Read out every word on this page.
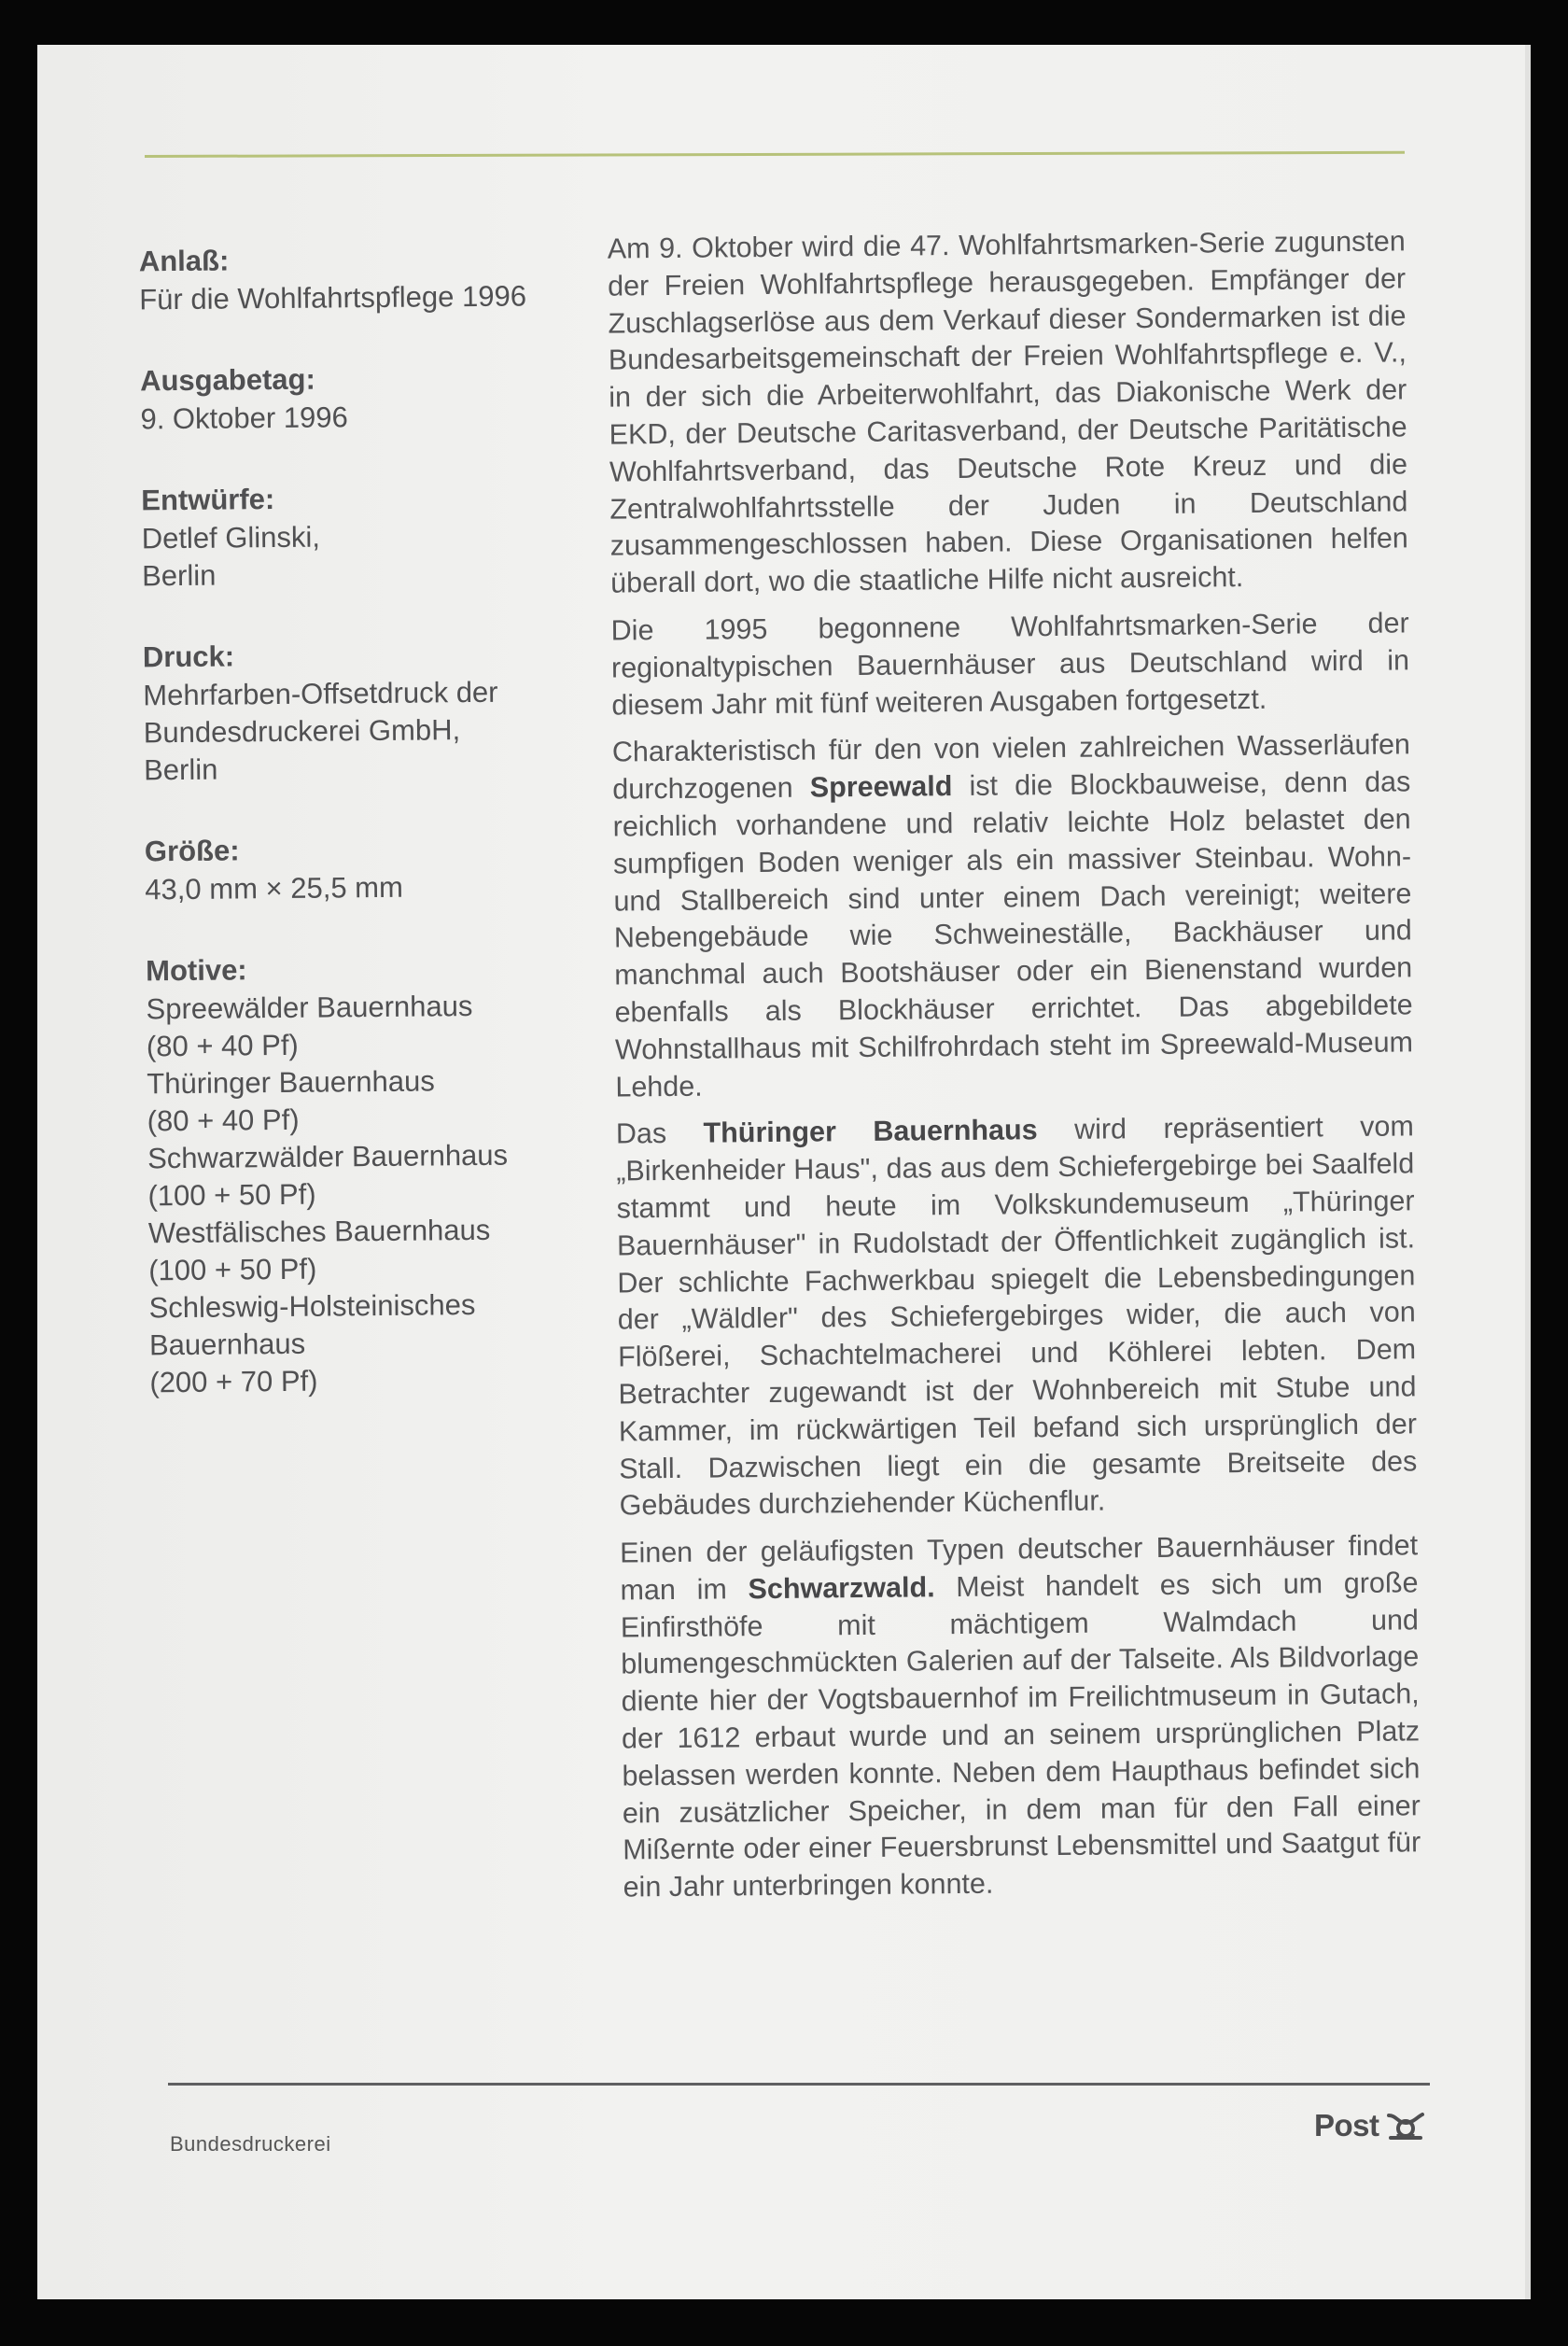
Anlaß:
Für die Wohlfahrtspflege 1996
Ausgabetag:
9. Oktober 1996
Entwürfe:
Detlef Glinski,
Berlin
Druck:
Mehrfarben-Offsetdruck der
Bundesdruckerei GmbH,
Berlin
Größe:
43,0 mm × 25,5 mm
Motive:
Spreewälder Bauernhaus
(80 + 40 Pf)
Thüringer Bauernhaus
(80 + 40 Pf)
Schwarzwälder Bauernhaus
(100 + 50 Pf)
Westfälisches Bauernhaus
(100 + 50 Pf)
Schleswig-Holsteinisches
Bauernhaus
(200 + 70 Pf)

Am 9. Oktober wird die 47. Wohlfahrtsmarken-Serie zugunsten der Freien Wohlfahrtspflege herausgegeben. Empfänger der Zuschlagserlöse aus dem Verkauf dieser Sondermarken ist die Bundesarbeitsgemeinschaft der Freien Wohlfahrtspflege e. V., in der sich die Arbeiterwohlfahrt, das Diakonische Werk der EKD, der Deutsche Caritasverband, der Deutsche Paritätische Wohlfahrtsverband, das Deutsche Rote Kreuz und die Zentralwohlfahrtsstelle der Juden in Deutschland zusammengeschlossen haben. Diese Organisationen helfen überall dort, wo die staatliche Hilfe nicht ausreicht.

Die 1995 begonnene Wohlfahrtsmarken-Serie der regionaltypischen Bauernhäuser aus Deutschland wird in diesem Jahr mit fünf weiteren Ausgaben fortgesetzt.

Charakteristisch für den von vielen zahlreichen Wasserläufen durchzogenen Spreewald ist die Blockbauweise, denn das reichlich vorhandene und relativ leichte Holz belastet den sumpfigen Boden weniger als ein massiver Steinbau. Wohn- und Stallbereich sind unter einem Dach vereinigt; weitere Nebengebäude wie Schweineställe, Backhäuser und manchmal auch Bootshäuser oder ein Bienenstand wurden ebenfalls als Blockhäuser errichtet. Das abgebildete Wohnstallhaus mit Schilfrohrdach steht im Spreewald-Museum Lehde.

Das Thüringer Bauernhaus wird repräsentiert vom „Birkenheider Haus", das aus dem Schiefergebirge bei Saalfeld stammt und heute im Volkskundemuseum „Thüringer Bauernhäuser" in Rudolstadt der Öffentlichkeit zugänglich ist. Der schlichte Fachwerkbau spiegelt die Lebensbedingungen der „Wäldler" des Schiefergebirges wider, die auch von Flößerei, Schachtelmacherei und Köhlerei lebten. Dem Betrachter zugewandt ist der Wohnbereich mit Stube und Kammer, im rückwärtigen Teil befand sich ursprünglich der Stall. Dazwischen liegt ein die gesamte Breitseite des Gebäudes durchziehender Küchenflur.

Einen der geläufigsten Typen deutscher Bauernhäuser findet man im Schwarzwald. Meist handelt es sich um große Einfirsthöfe mit mächtigem Walmdach und blumengeschmückten Galerien auf der Talseite. Als Bildvorlage diente hier der Vogtsbauernhof im Freilichtmuseum in Gutach, der 1612 erbaut wurde und an seinem ursprünglichen Platz belassen werden konnte. Neben dem Haupthaus befindet sich ein zusätzlicher Speicher, in dem man für den Fall einer Mißernte oder einer Feuersbrunst Lebensmittel und Saatgut für ein Jahr unterbringen konnte.

Bundesdruckerei
Post
